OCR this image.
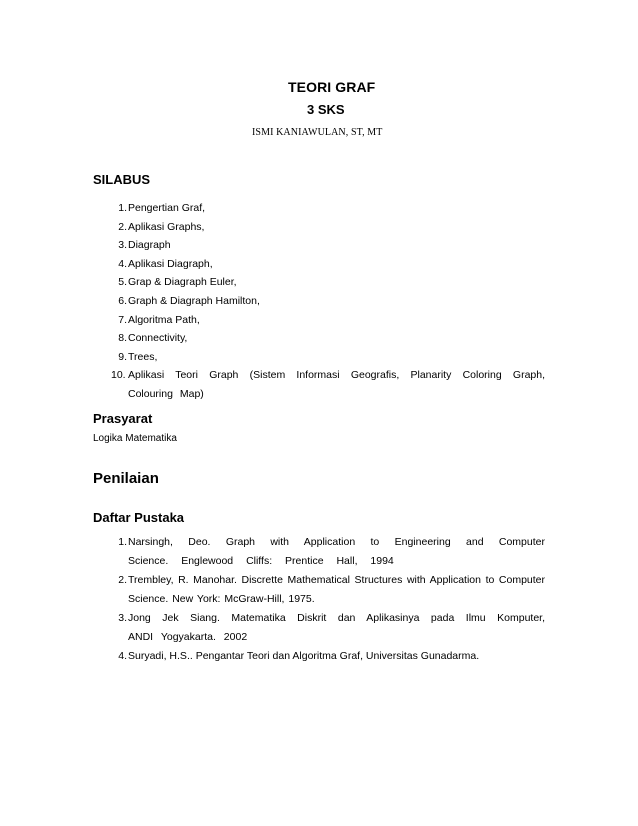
TEORI GRAF
3 SKS
ISMI KANIAWULAN, ST, MT
SILABUS
1. Pengertian Graf,
2. Aplikasi Graphs,
3. Diagraph
4. Aplikasi Diagraph,
5. Grap & Diagraph Euler,
6. Graph & Diagraph Hamilton,
7. Algoritma Path,
8. Connectivity,
9. Trees,
10. Aplikasi Teori Graph (Sistem Informasi Geografis, Planarity Coloring Graph, Colouring Map)
Prasyarat
Logika Matematika
Penilaian
Daftar Pustaka
1. Narsingh, Deo. Graph with Application to Engineering and Computer Science. Englewood Cliffs: Prentice Hall, 1994
2. Trembley, R. Manohar. Discrette Mathematical Structures with Application to Computer Science. New York: McGraw-Hill, 1975.
3. Jong Jek Siang. Matematika Diskrit dan Aplikasinya pada Ilmu Komputer, ANDI Yogyakarta. 2002
4. Suryadi, H.S.. Pengantar Teori dan Algoritma Graf, Universitas Gunadarma.
